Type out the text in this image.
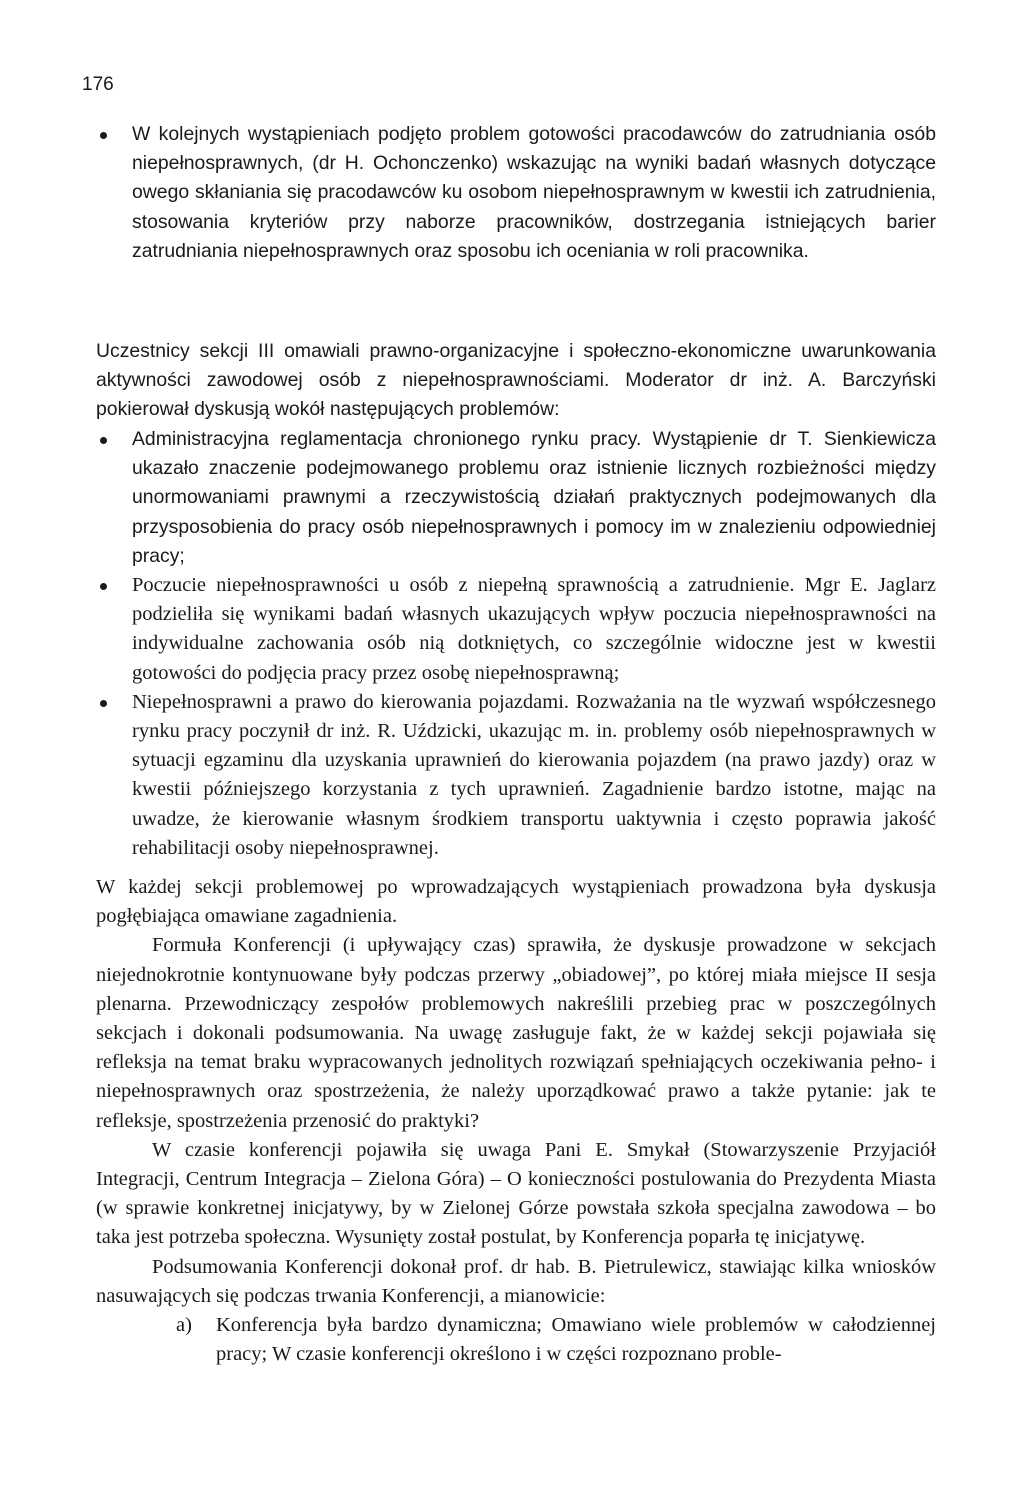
176

W kolejnych wystąpieniach podjęto problem gotowości pracodawców do zatrudniania osób niepełnosprawnych, (dr H. Ochonczenko) wskazując na wyniki badań własnych dotyczące owego skłaniania się pracodawców ku osobom niepełnosprawnym w kwestii ich zatrudnienia, stosowania kryteriów przy naborze pracowników, dostrzegania istniejących barier zatrudniania niepełnosprawnych oraz sposobu ich oceniania w roli pracownika.

Uczestnicy sekcji III omawiali prawno-organizacyjne i społeczno-ekonomiczne uwarunkowania aktywności zawodowej osób z niepełnosprawnościami. Moderator dr inż. A. Barczyński pokierował dyskusją wokół następujących problemów:

Administracyjna reglamentacja chronionego rynku pracy. Wystąpienie dr T. Sienkiewicza ukazało znaczenie podejmowanego problemu oraz istnienie licznych rozbieżności między unormowaniami prawnymi a rzeczywistością działań praktycznych podejmowanych dla przysposobienia do pracy osób niepełnosprawnych i pomocy im w znalezieniu odpowiedniej pracy;

Poczucie niepełnosprawności u osób z niepełną sprawnością a zatrudnienie. Mgr E. Jaglarz podzieliła się wynikami badań własnych ukazujących wpływ poczucia niepełnosprawności na indywidualne zachowania osób nią dotkniętych, co szczególnie widoczne jest w kwestii gotowości do podjęcia pracy przez osobę niepełnosprawną;

Niepełnosprawni a prawo do kierowania pojazdami. Rozważania na tle wyzwań współczesnego rynku pracy poczynił dr inż. R. Uździcki, ukazując m. in. problemy osób niepełnosprawnych w sytuacji egzaminu dla uzyskania uprawnień do kierowania pojazdem (na prawo jazdy) oraz w kwestii późniejszego korzystania z tych uprawnień. Zagadnienie bardzo istotne, mając na uwadze, że kierowanie własnym środkiem transportu uaktywnia i często poprawia jakość rehabilitacji osoby niepełnosprawnej.

W każdej sekcji problemowej po wprowadzających wystąpieniach prowadzona była dyskusja pogłębiająca omawiane zagadnienia.

Formuła Konferencji (i upływający czas) sprawiła, że dyskusje prowadzone w sekcjach niejednokrotnie kontynuowane były podczas przerwy „obiadowej”, po której miała miejsce II sesja plenarna. Przewodniczący zespołów problemowych nakreślili przebieg prac w poszczególnych sekcjach i dokonali podsumowania. Na uwagę zasługuje fakt, że w każdej sekcji pojawiała się refleksja na temat braku wypracowanych jednolitych rozwiązań spełniających oczekiwania pełno- i niepełnosprawnych oraz spostrzeżenia, że należy uporządkować prawo a także pytanie: jak te refleksje, spostrzeżenia przenosić do praktyki?

W czasie konferencji pojawiła się uwaga Pani E. Smykał (Stowarzyszenie Przyjaciół Integracji, Centrum Integracja – Zielona Góra) – O konieczności postulowania do Prezydenta Miasta (w sprawie konkretnej inicjatywy, by w Zielonej Górze powstała szkoła specjalna zawodowa – bo taka jest potrzeba społeczna. Wysunięty został postulat, by Konferencja poparła tę inicjatywę.

Podsumowania Konferencji dokonał prof. dr hab. B. Pietrulewicz, stawiając kilka wniosków nasuwających się podczas trwania Konferencji, a mianowicie:

a) Konferencja była bardzo dynamiczna; Omawiano wiele problemów w całodziennej pracy; W czasie konferencji określono i w części rozpoznano proble-
